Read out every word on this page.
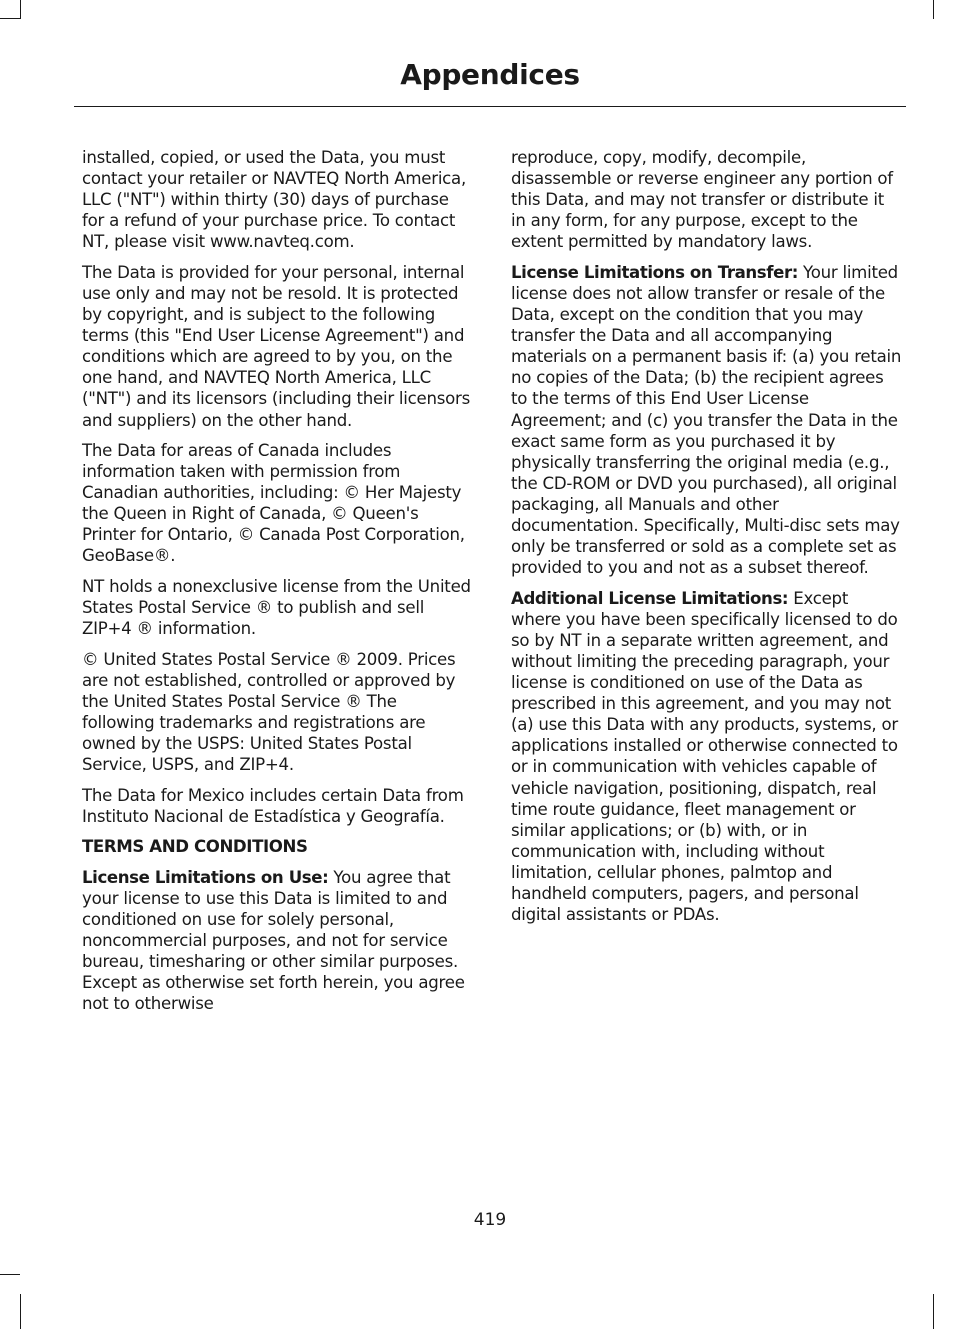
Appendices

installed, copied, or used the Data, you must contact your retailer or NAVTEQ North America, LLC ("NT") within thirty (30) days of purchase for a refund of your purchase price. To contact NT, please visit www.navteq.com.

The Data is provided for your personal, internal use only and may not be resold. It is protected by copyright, and is subject to the following terms (this "End User License Agreement") and conditions which are agreed to by you, on the one hand, and NAVTEQ North America, LLC ("NT") and its licensors (including their licensors and suppliers) on the other hand.

The Data for areas of Canada includes information taken with permission from Canadian authorities, including: © Her Majesty the Queen in Right of Canada, © Queen's Printer for Ontario, © Canada Post Corporation, GeoBase®.

NT holds a nonexclusive license from the United States Postal Service ® to publish and sell ZIP+4 ® information.

© United States Postal Service ® 2009. Prices are not established, controlled or approved by the United States Postal Service ® The following trademarks and registrations are owned by the USPS: United States Postal Service, USPS, and ZIP+4.

The Data for Mexico includes certain Data from Instituto Nacional de Estadística y Geografía.

TERMS AND CONDITIONS

License Limitations on Use: You agree that your license to use this Data is limited to and conditioned on use for solely personal, noncommercial purposes, and not for service bureau, timesharing or other similar purposes. Except as otherwise set forth herein, you agree not to otherwise

reproduce, copy, modify, decompile, disassemble or reverse engineer any portion of this Data, and may not transfer or distribute it in any form, for any purpose, except to the extent permitted by mandatory laws.

License Limitations on Transfer: Your limited license does not allow transfer or resale of the Data, except on the condition that you may transfer the Data and all accompanying materials on a permanent basis if: (a) you retain no copies of the Data; (b) the recipient agrees to the terms of this End User License Agreement; and (c) you transfer the Data in the exact same form as you purchased it by physically transferring the original media (e.g., the CD-ROM or DVD you purchased), all original packaging, all Manuals and other documentation. Specifically, Multi-disc sets may only be transferred or sold as a complete set as provided to you and not as a subset thereof.

Additional License Limitations: Except where you have been specifically licensed to do so by NT in a separate written agreement, and without limiting the preceding paragraph, your license is conditioned on use of the Data as prescribed in this agreement, and you may not (a) use this Data with any products, systems, or applications installed or otherwise connected to or in communication with vehicles capable of vehicle navigation, positioning, dispatch, real time route guidance, fleet management or similar applications; or (b) with, or in communication with, including without limitation, cellular phones, palmtop and handheld computers, pagers, and personal digital assistants or PDAs.

419
